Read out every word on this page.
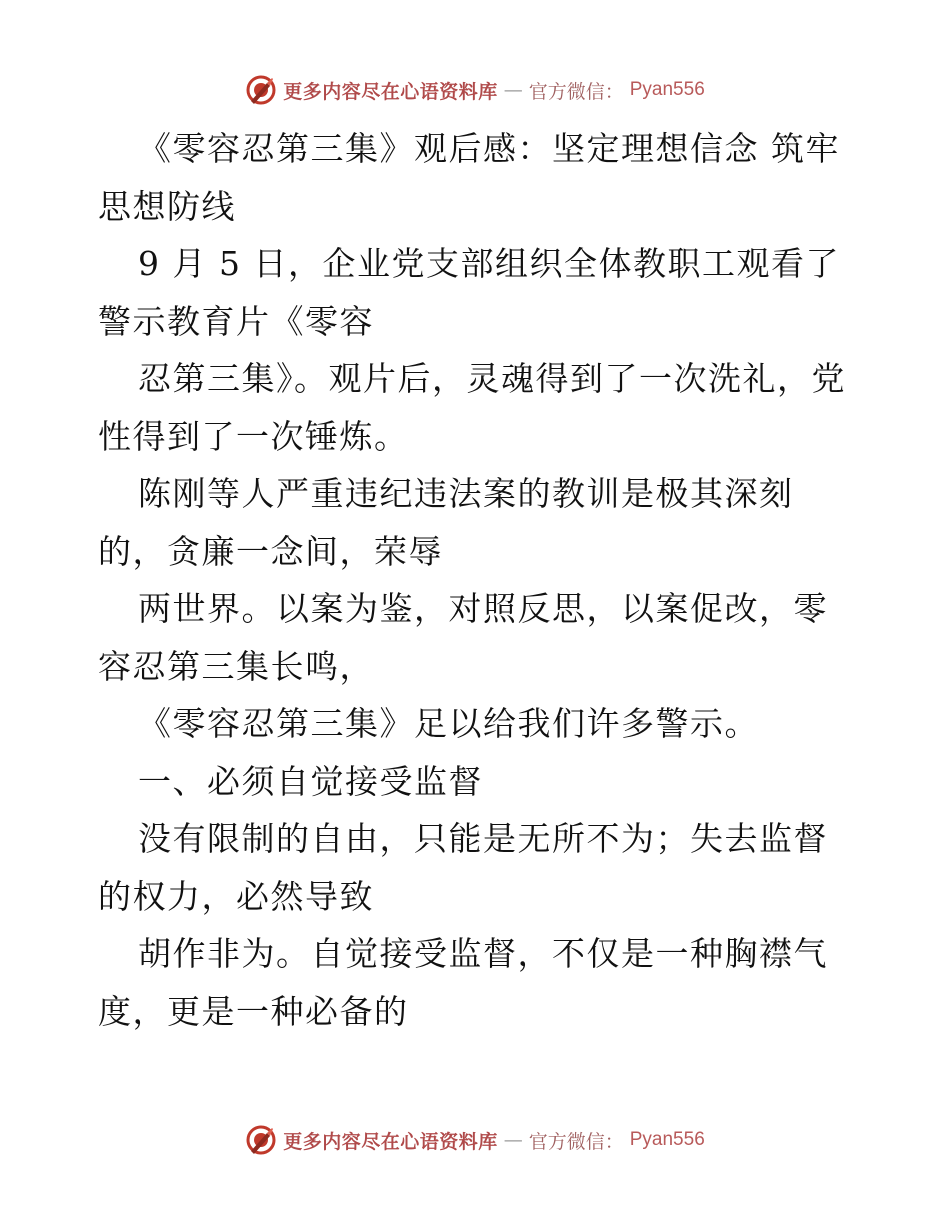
更多内容尽在心语资料库 — 官方微信： Pyan556

《零容忍第三集》观后感：坚定理想信念 筑牢思想防线

9 月 5 日，企业党支部组织全体教职工观看了警示教育片《零容

忍第三集》。观片后，灵魂得到了一次洗礼，党性得到了一次锤炼。

陈刚等人严重违纪违法案的教训是极其深刻的，贪廉一念间，荣辱

两世界。以案为鉴，对照反思，以案促改，零容忍第三集长鸣，

《零容忍第三集》足以给我们许多警示。

一、必须自觉接受监督

没有限制的自由，只能是无所不为；失去监督的权力，必然导致

胡作非为。自觉接受监督，不仅是一种胸襟气度，更是一种必备的

更多内容尽在心语资料库 — 官方微信： Pyan556
